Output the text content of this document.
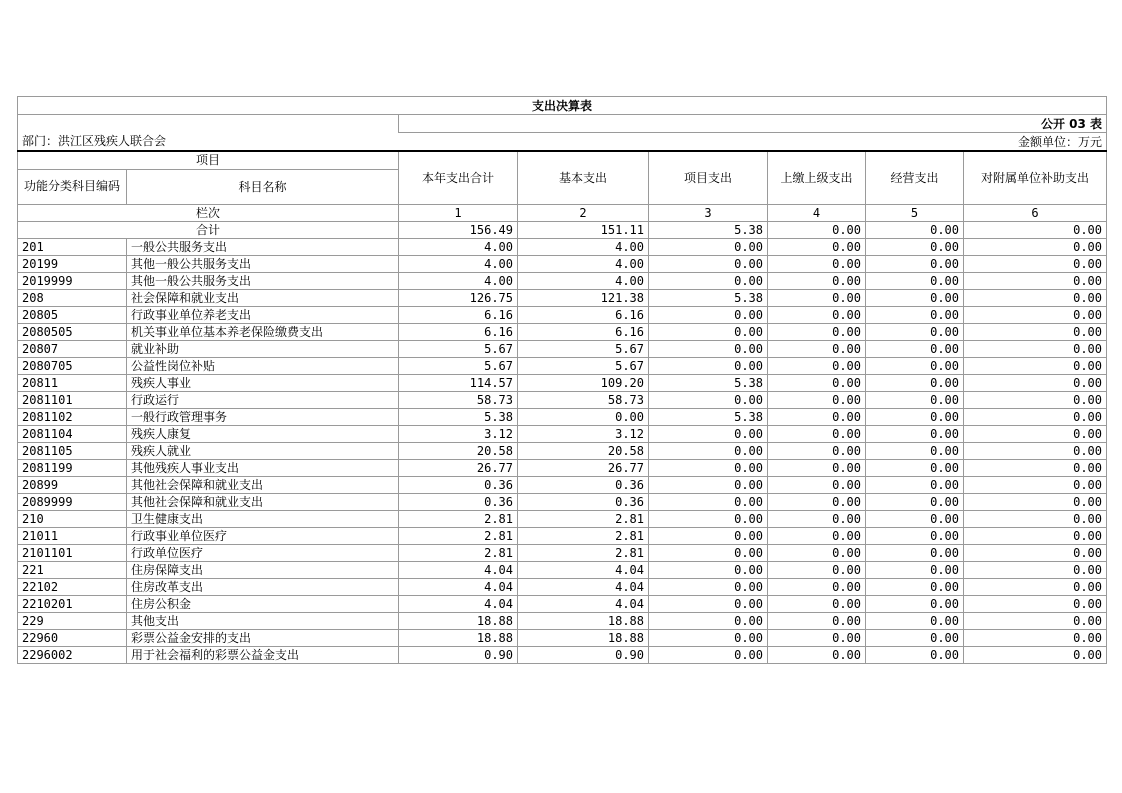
支出决算表							
		公开 03 表					
部门：洪江区残疾人联合会		金额单位：万元					
项目		本年支出合计	基本支出	项目支出	上缴上级支出	经营支出	对附属单位补助支出
功能分类科目编码	科目名称						
栏次		1	2	3	4	5	6
合计		156.49	151.11	5.38	0.00	0.00	0.00
201	一般公共服务支出	4.00	4.00	0.00	0.00	0.00	0.00
20199	其他一般公共服务支出	4.00	4.00	0.00	0.00	0.00	0.00
2019999	其他一般公共服务支出	4.00	4.00	0.00	0.00	0.00	0.00
208	社会保障和就业支出	126.75	121.38	5.38	0.00	0.00	0.00
20805	行政事业单位养老支出	6.16	6.16	0.00	0.00	0.00	0.00
2080505	机关事业单位基本养老保险缴费支出	6.16	6.16	0.00	0.00	0.00	0.00
20807	就业补助	5.67	5.67	0.00	0.00	0.00	0.00
2080705	公益性岗位补贴	5.67	5.67	0.00	0.00	0.00	0.00
20811	残疾人事业	114.57	109.20	5.38	0.00	0.00	0.00
2081101	行政运行	58.73	58.73	0.00	0.00	0.00	0.00
2081102	一般行政管理事务	5.38	0.00	5.38	0.00	0.00	0.00
2081104	残疾人康复	3.12	3.12	0.00	0.00	0.00	0.00
2081105	残疾人就业	20.58	20.58	0.00	0.00	0.00	0.00
2081199	其他残疾人事业支出	26.77	26.77	0.00	0.00	0.00	0.00
20899	其他社会保障和就业支出	0.36	0.36	0.00	0.00	0.00	0.00
2089999	其他社会保障和就业支出	0.36	0.36	0.00	0.00	0.00	0.00
210	卫生健康支出	2.81	2.81	0.00	0.00	0.00	0.00
21011	行政事业单位医疗	2.81	2.81	0.00	0.00	0.00	0.00
2101101	行政单位医疗	2.81	2.81	0.00	0.00	0.00	0.00
221	住房保障支出	4.04	4.04	0.00	0.00	0.00	0.00
22102	住房改革支出	4.04	4.04	0.00	0.00	0.00	0.00
2210201	住房公积金	4.04	4.04	0.00	0.00	0.00	0.00
229	其他支出	18.88	18.88	0.00	0.00	0.00	0.00
22960	彩票公益金安排的支出	18.88	18.88	0.00	0.00	0.00	0.00
2296002	用于社会福利的彩票公益金支出	0.90	0.90	0.00	0.00	0.00	0.00
